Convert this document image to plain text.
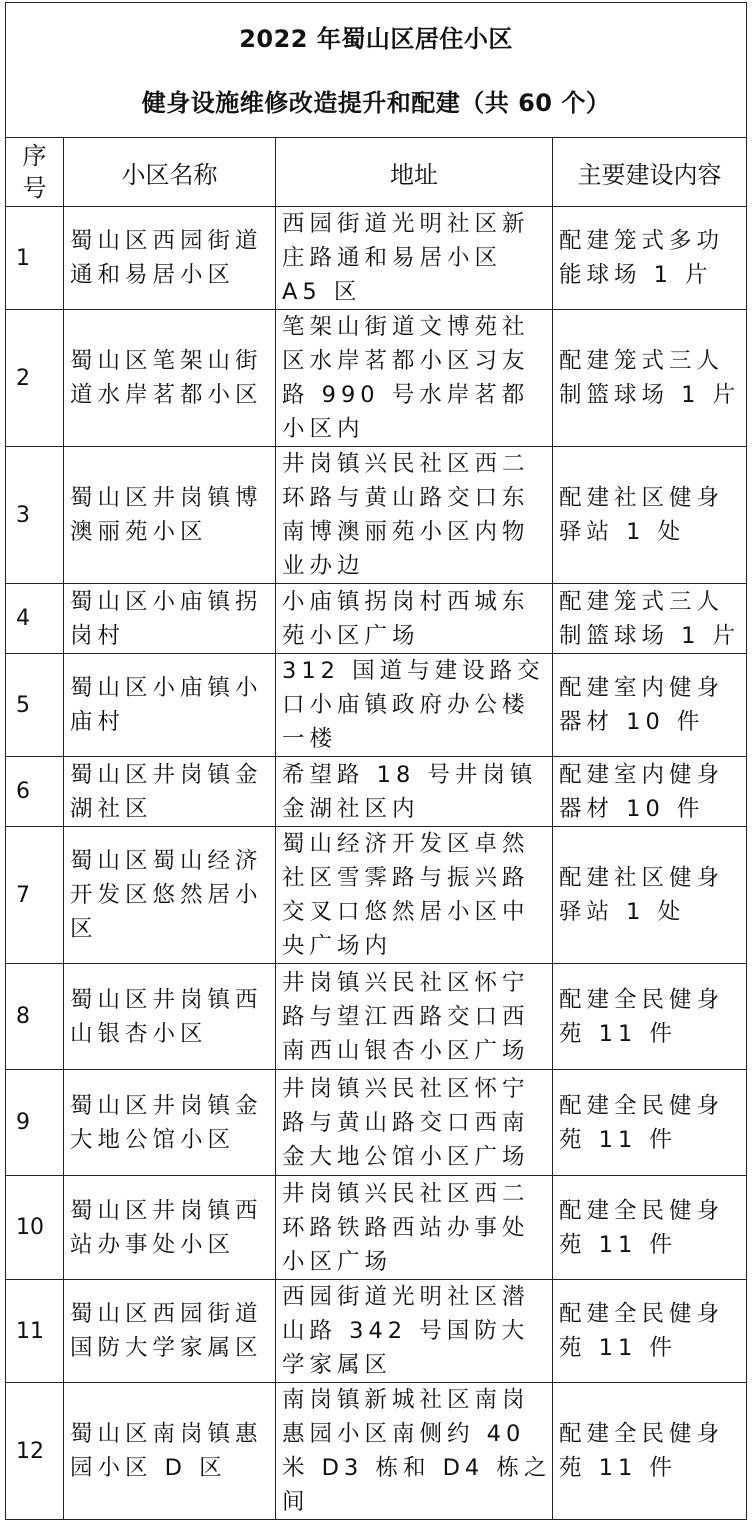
2022 年蜀山区居住小区
健身设施维修改造提升和配建（共 60 个）			

序号	小区名称	地址	主要建设内容
1	蜀山区西园街道通和易居小区	西园街道光明社区新庄路通和易居小区 A5 区	配建笼式多功能球场 1 片
2	蜀山区笔架山街道水岸茗都小区	笔架山街道文博苑社区水岸茗都小区习友路 990 号水岸茗都小区内	配建笼式三人制篮球场 1 片
3	蜀山区井岗镇博澳丽苑小区	井岗镇兴民社区西二环路与黄山路交口东南博澳丽苑小区内物业办边	配建社区健身驿站 1 处
4	蜀山区小庙镇拐岗村	小庙镇拐岗村西城东苑小区广场	配建笼式三人制篮球场 1 片
5	蜀山区小庙镇小庙村	312 国道与建设路交口小庙镇政府办公楼一楼	配建室内健身器材 10 件
6	蜀山区井岗镇金湖社区	希望路 18 号井岗镇金湖社区内	配建室内健身器材 10 件
7	蜀山区蜀山经济开发区悠然居小区	蜀山经济开发区卓然社区雪霁路与振兴路交叉口悠然居小区中央广场内	配建社区健身驿站 1 处
8	蜀山区井岗镇西山银杏小区	井岗镇兴民社区怀宁路与望江西路交口西南西山银杏小区广场	配建全民健身苑 11 件
9	蜀山区井岗镇金大地公馆小区	井岗镇兴民社区怀宁路与黄山路交口西南金大地公馆小区广场	配建全民健身苑 11 件
10	蜀山区井岗镇西站办事处小区	井岗镇兴民社区西二环路铁路西站办事处小区广场	配建全民健身苑 11 件
11	蜀山区西园街道国防大学家属区	西园街道光明社区潜山路 342 号国防大学家属区	配建全民健身苑 11 件
12	蜀山区南岗镇惠园小区 D 区	南岗镇新城社区南岗惠园小区南侧约 40 米 D3 栋和 D4 栋之间	配建全民健身苑 11 件
